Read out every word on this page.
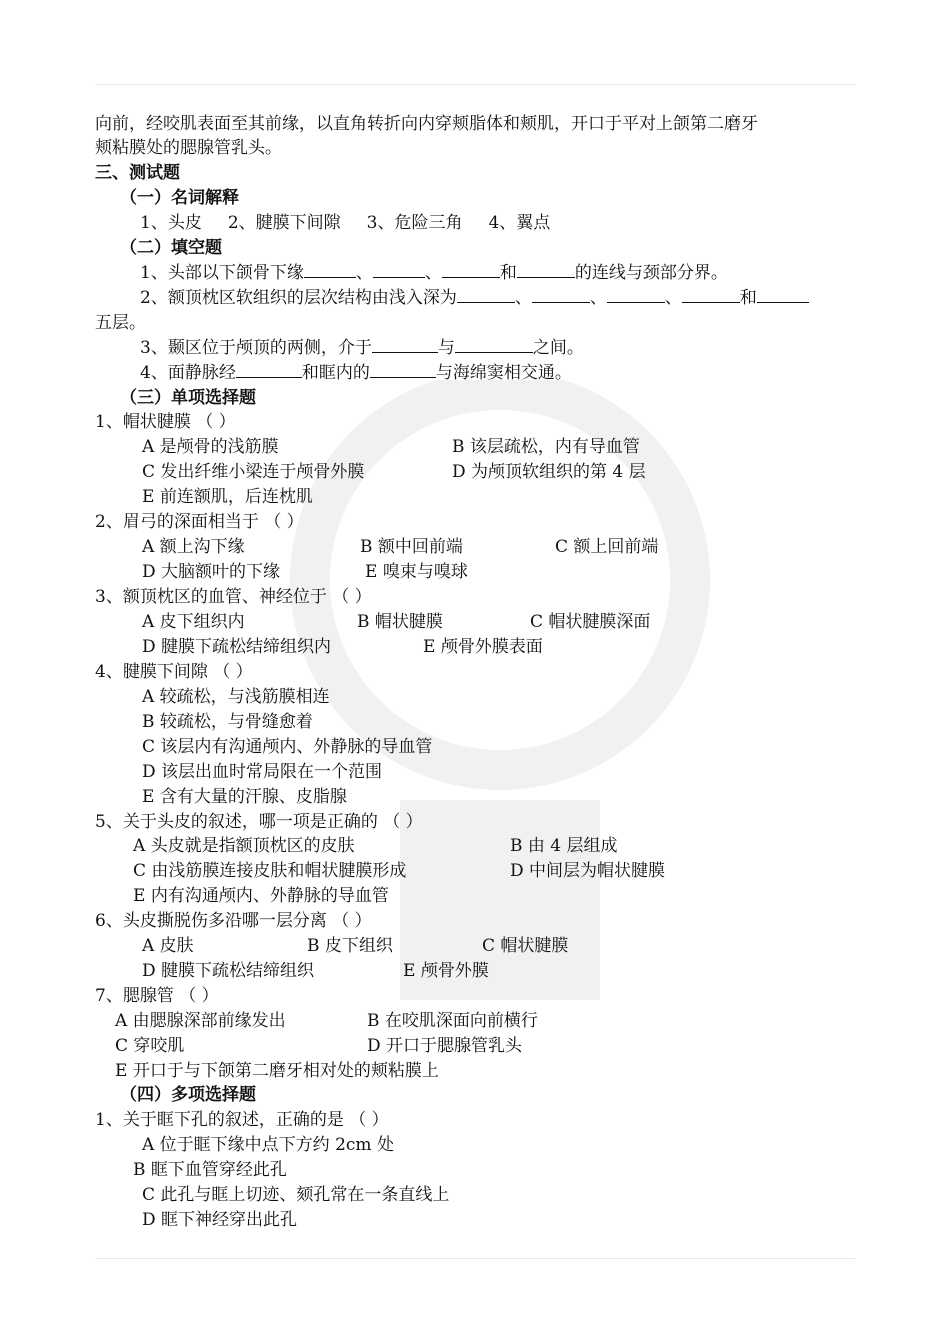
向前，经咬肌表面至其前缘，以直角转折向内穿颊脂体和颊肌，开口于平对上颌第二磨牙
颊粘膜处的腮腺管乳头。
三、测试题
（一）名词解释
1、头皮 2、腱膜下间隙 3、危险三角 4、翼点
（二）填空题
1、头部以下颌骨下缘	、	、	和	的连线与颈部分界。
2、额顶枕区软组织的层次结构由浅入深为	、	、	、	和
五层。
3、颞区位于颅顶的两侧，介于	与	之间。
4、面静脉经	和眶内的	与海绵窦相交通。
（三）单项选择题
1、帽状腱膜 （ ）
A 是颅骨的浅筋膜	B 该层疏松，内有导血管
C 发出纤维小梁连于颅骨外膜	D 为颅顶软组织的第 4 层
E 前连额肌，后连枕肌
2、眉弓的深面相当于 （ ）
A 额上沟下缘	B 额中回前端	C 额上回前端
D 大脑额叶的下缘	E 嗅束与嗅球
3、额顶枕区的血管、神经位于 （ ）
A 皮下组织内	B 帽状腱膜	C 帽状腱膜深面
D 腱膜下疏松结缔组织内	E 颅骨外膜表面
4、腱膜下间隙 （ ）
A 较疏松，与浅筋膜相连
B 较疏松，与骨缝愈着
C 该层内有沟通颅内、外静脉的导血管
D 该层出血时常局限在一个范围
E 含有大量的汗腺、皮脂腺
5、关于头皮的叙述，哪一项是正确的 （ ）
A 头皮就是指额顶枕区的皮肤	B 由 4 层组成
C 由浅筋膜连接皮肤和帽状腱膜形成	D 中间层为帽状腱膜
E 内有沟通颅内、外静脉的导血管
6、头皮撕脱伤多沿哪一层分离 （ ）
A 皮肤	B 皮下组织	C 帽状腱膜
D 腱膜下疏松结缔组织	E 颅骨外膜
7、腮腺管 （ ）
A 由腮腺深部前缘发出	B 在咬肌深面向前横行
C 穿咬肌	D 开口于腮腺管乳头
E 开口于与下颌第二磨牙相对处的颊粘膜上
（四）多项选择题
1、关于眶下孔的叙述，正确的是 （ ）
A 位于眶下缘中点下方约 2cm 处
B 眶下血管穿经此孔
C 此孔与眶上切迹、颏孔常在一条直线上
D 眶下神经穿出此孔
